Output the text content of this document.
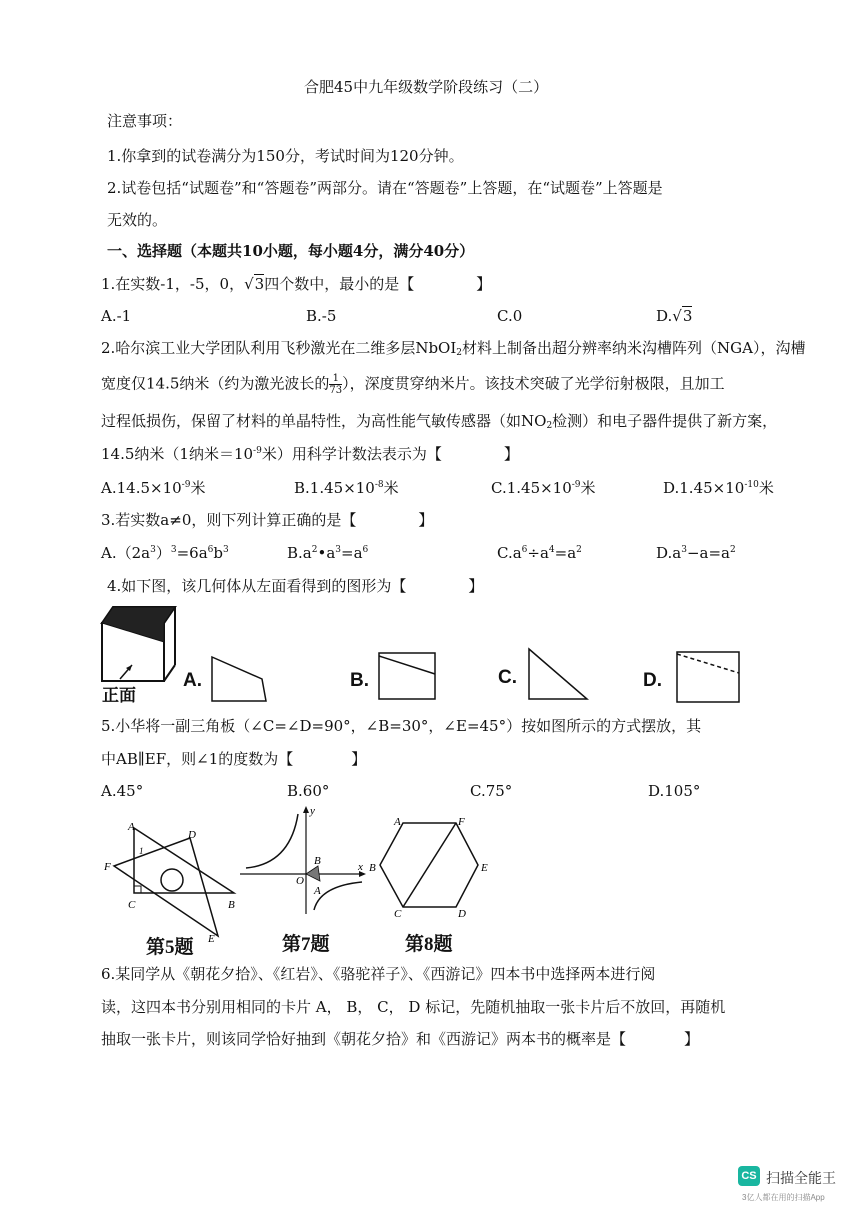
合肥45中九年级数学阶段练习（二）
注意事项：
1.你拿到的试卷满分为150分，考试时间为120分钟。
2.试卷包括“试题卷”和“答题卷”两部分。请在“答题卷”上答题，在“试题卷”上答题是
无效的。
一、选择题（本题共10小题，每小题4分，满分40分）
1.在实数-1，-5，0，√3四个数中，最小的是【	】
A.-1	B.-5	C.0	D.√3
2.哈尔滨工业大学团队利用飞秒激光在二维多层NbOI$_2$材料上制备出超分辨率纳米沟槽阵列（NGA），沟槽
宽度仅14.5纳米（约为激光波长的 $\frac{1}{73}$ ），深度贯穿纳米片。该技术突破了光学衍射极限，且加工
过程低损伤，保留了材料的单晶特性，为高性能气敏传感器（如$NO_2$检测）和电子器件提供了新方案，
14.5纳米（1纳米$=10^{-9}$米）用科学计数法表示为【	】
$A.14.5\times 10^{-9}$米	$B.1.45\times 10^{-8}$米	$C.1.45\times 10^{-9}$米	$D.1.45\times 10^{-10}$米
3.若实数a≠0，则下列计算正确的是【	】
$A.(2a^3)^3=6a^6b^3$	$B.a^2•a^3=a^6$	$C.a^6\div a^4=a^2$	$D.a^3-a=a^2$
4.如下图，该几何体从左面看得到的图形为【	】
正面
A.	B.	C.	D.
5.小华将一副三角板（∠C=∠D=90°，∠B=30°，∠E=45°）按如图所示的方式摆放，其
中AB∥EF，则∠1的度数为【	】
A.45°	B.60°	C.75°	D.105°
A
D
F
C	B
E
1
第5题
y
x
O
B
A
第7题
A	F
B	E
C	D
第8题
6.某同学从《朝花夕拾》、《红岩》、《骆驼祥子》、《西游记》四本书中选择两本进行阅
读，这四本书分别用相同的卡片 A， B， C， D 标记，先随机抽取一张卡片后不放回，再随机
抽取一张卡片，则该同学恰好抽到《朝花夕拾》和《西游记》两本书的概率是【	】
CS 扫描全能王
3亿人都在用的扫描App
